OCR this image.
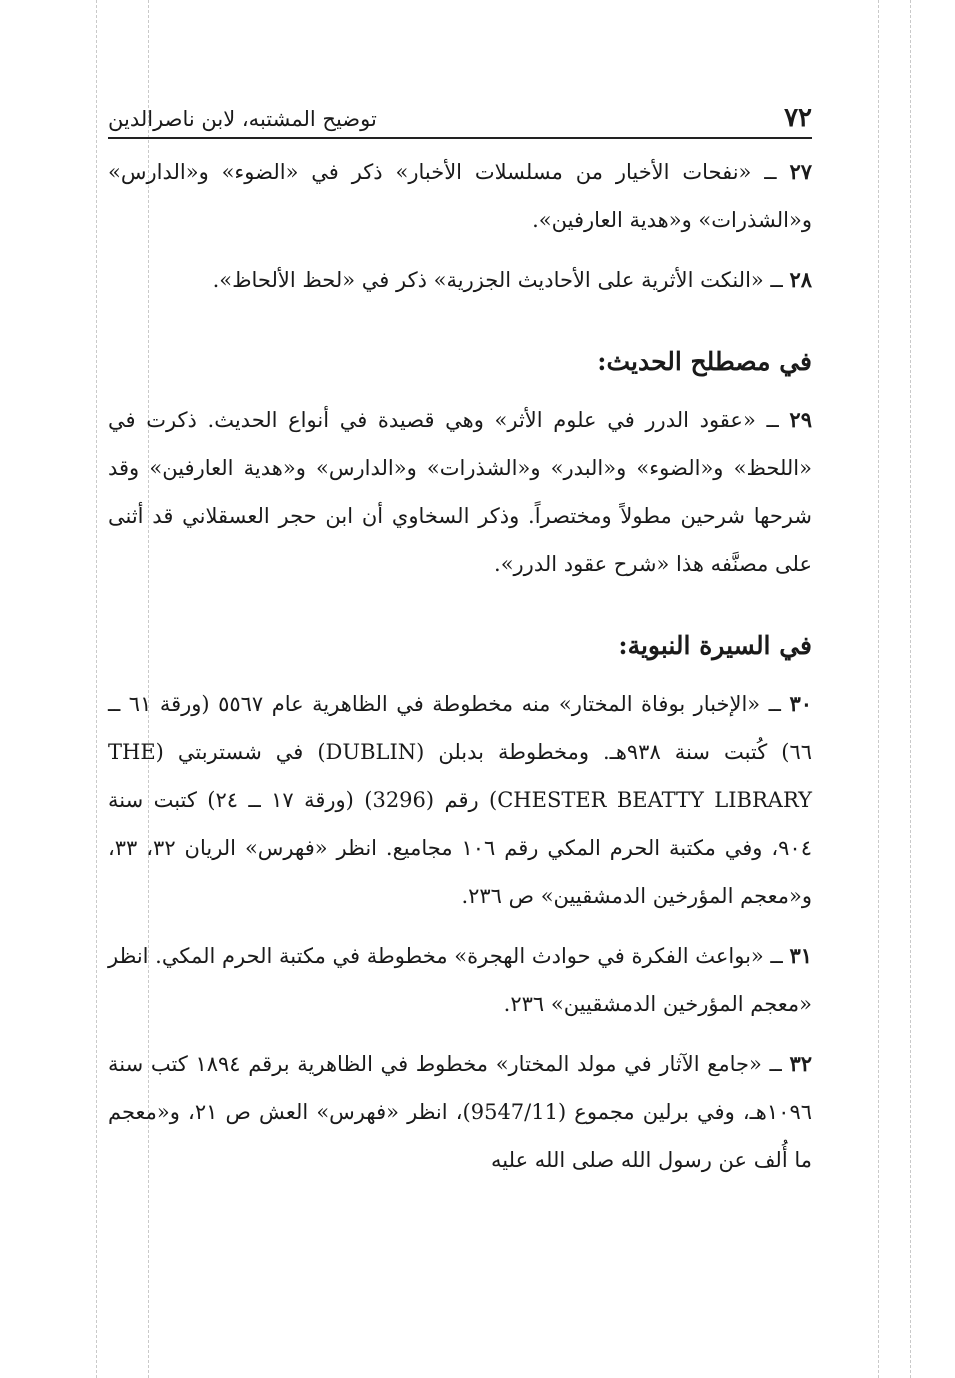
توضيح المشتبه، لابن ناصرالدين	٧٢

٢٧ ــ «نفحات الأخيار من مسلسلات الأخبار» ذكر في «الضوء» و«الدارس» و«الشذرات» و«هدية العارفين».

٢٨ ــ «النكت الأثرية على الأحاديث الجزرية» ذكر في «لحظ الألحاظ».

في مصطلح الحديث:

٢٩ ــ «عقود الدرر في علوم الأثر» وهي قصيدة في أنواع الحديث. ذكرت في «اللحظ» و«الضوء» و«البدر» و«الشذرات» و«الدارس» و«هدية العارفين» وقد شرحها شرحين مطولاً ومختصراً. وذكر السخاوي أن ابن حجر العسقلاني قد أثنى على مصنَّفه هذا «شرح عقود الدرر».

في السيرة النبوية:

٣٠ ــ «الإخبار بوفاة المختار» منه مخطوطة في الظاهرية عام ٥٥٦٧ (ورقة ٦١ ــ ٦٦) كُتبت سنة ٩٣٨هـ. ومخطوطة بدبلن (DUBLIN) في شستربتي (THE CHESTER BEATTY LIBRARY) رقم (3296) (ورقة ١٧ ــ ٢٤) كتبت سنة ٩٠٤، وفي مكتبة الحرم المكي رقم ١٠٦ مجاميع. انظر «فهرس» الريان ٣٢، ٣٣، و«معجم المؤرخين الدمشقيين» ص ٢٣٦.

٣١ ــ «بواعث الفكرة في حوادث الهجرة» مخطوطة في مكتبة الحرم المكي. انظر «معجم المؤرخين الدمشقيين» ٢٣٦.

٣٢ ــ «جامع الآثار في مولد المختار» مخطوط في الظاهرية برقم ١٨٩٤ كتب سنة ١٠٩٦هـ، وفي برلين مجموع (9547/11)، انظر «فهرس» العش ص ٢١، و«معجم ما أُلف عن رسول الله صلى الله عليه
